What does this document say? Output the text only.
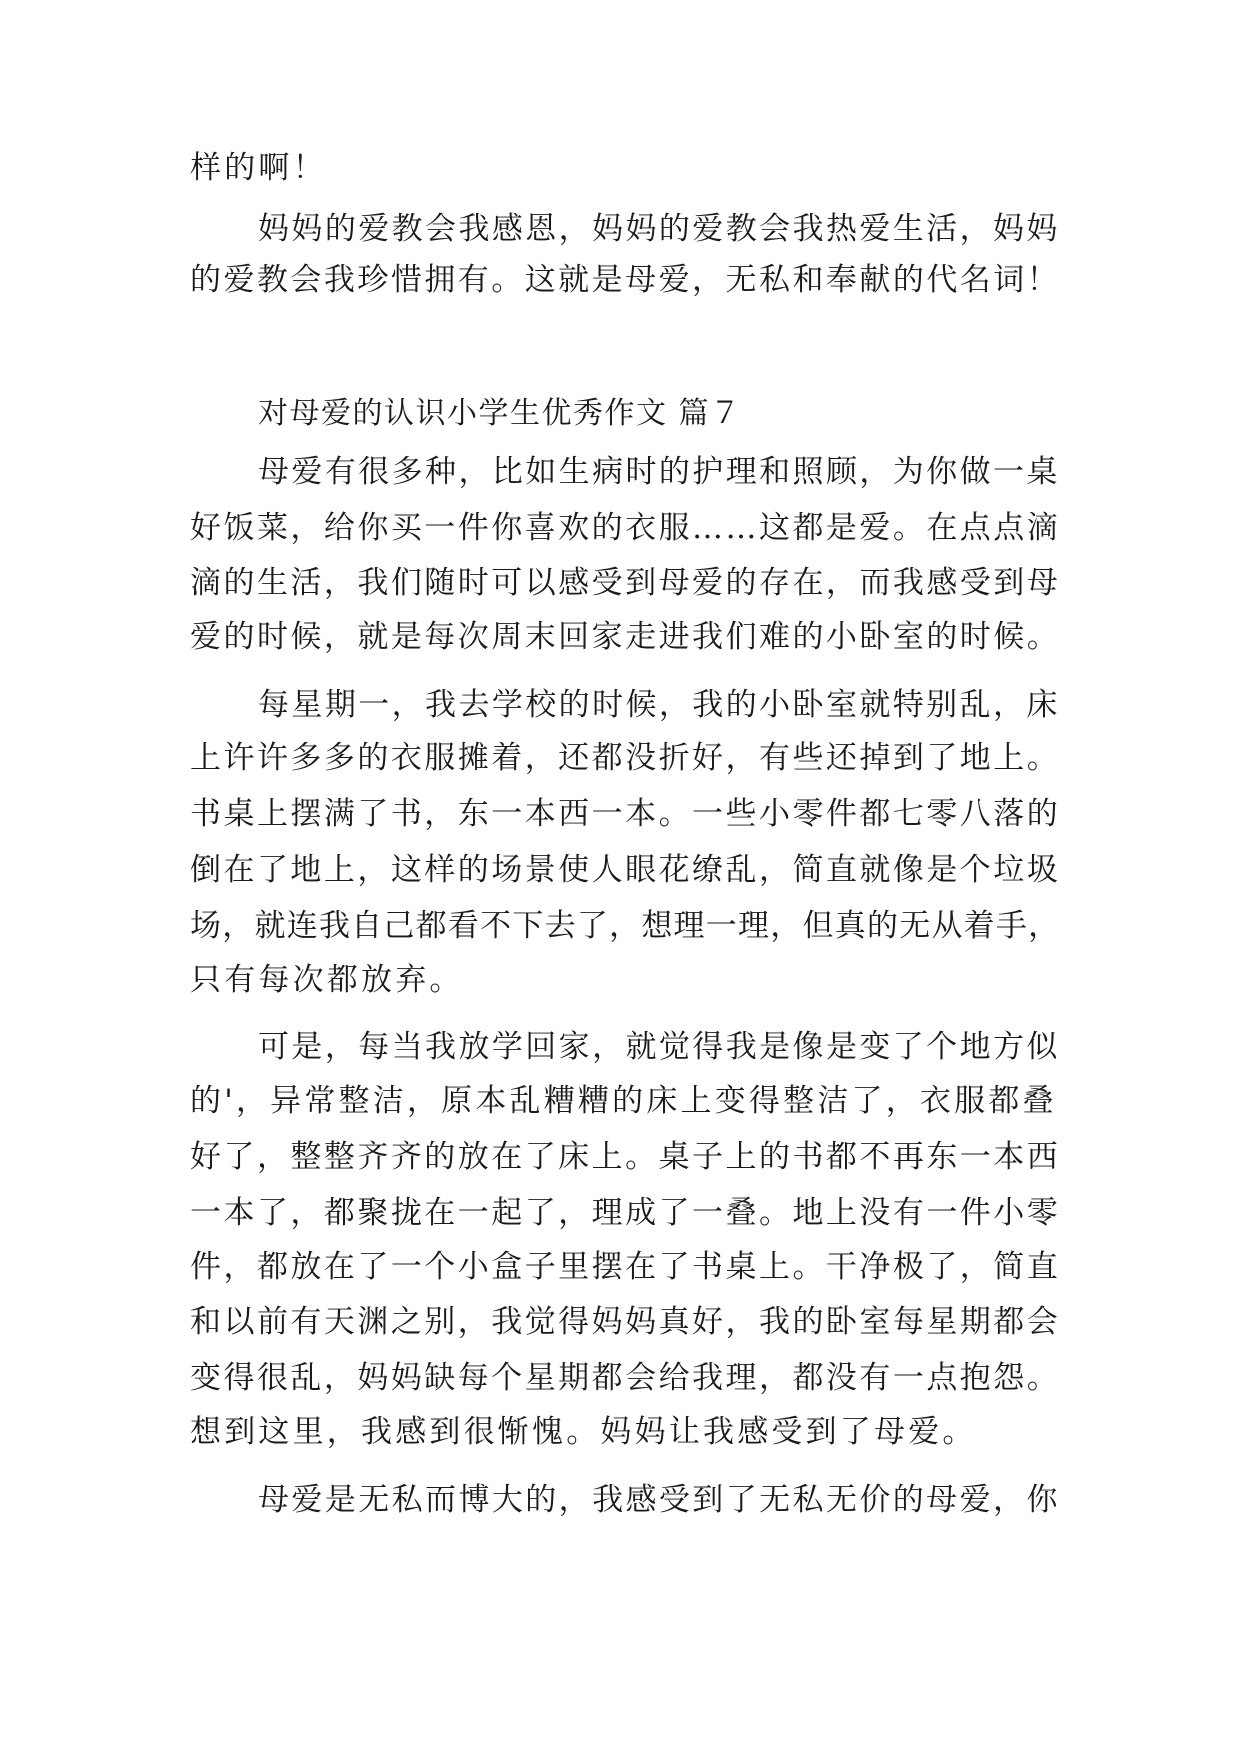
样的啊！
妈妈的爱教会我感恩，妈妈的爱教会我热爱生活，妈妈
的爱教会我珍惜拥有。这就是母爱，无私和奉献的代名词！
对母爱的认识小学生优秀作文 篇７
母爱有很多种，比如生病时的护理和照顾，为你做一桌
好饭菜，给你买一件你喜欢的衣服……这都是爱。在点点滴
滴的生活，我们随时可以感受到母爱的存在，而我感受到母
爱的时候，就是每次周末回家走进我们难的小卧室的时候。
每星期一，我去学校的时候，我的小卧室就特别乱，床
上许许多多的衣服摊着，还都没折好，有些还掉到了地上。
书桌上摆满了书，东一本西一本。一些小零件都七零八落的
倒在了地上，这样的场景使人眼花缭乱，简直就像是个垃圾
场，就连我自己都看不下去了，想理一理，但真的无从着手，
只有每次都放弃。
可是，每当我放学回家，就觉得我是像是变了个地方似
的'，异常整洁，原本乱糟糟的床上变得整洁了，衣服都叠
好了，整整齐齐的放在了床上。桌子上的书都不再东一本西
一本了，都聚拢在一起了，理成了一叠。地上没有一件小零
件，都放在了一个小盒子里摆在了书桌上。干净极了，简直
和以前有天渊之别，我觉得妈妈真好，我的卧室每星期都会
变得很乱，妈妈缺每个星期都会给我理，都没有一点抱怨。
想到这里，我感到很惭愧。妈妈让我感受到了母爱。
母爱是无私而博大的，我感受到了无私无价的母爱，你
